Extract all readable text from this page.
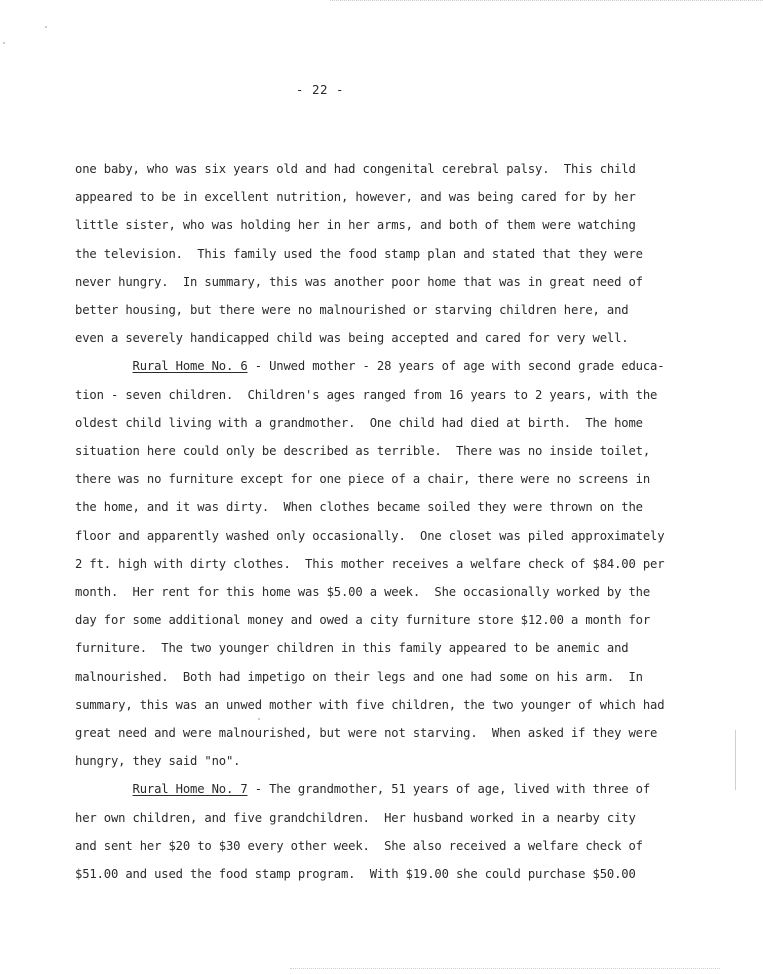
- 22 -
one baby, who was six years old and had congenital cerebral palsy.  This child
appeared to be in excellent nutrition, however, and was being cared for by her
little sister, who was holding her in her arms, and both of them were watching
the television.  This family used the food stamp plan and stated that they were
never hungry.  In summary, this was another poor home that was in great need of
better housing, but there were no malnourished or starving children here, and
even a severely handicapped child was being accepted and cared for very well.
Rural Home No. 6 - Unwed mother - 28 years of age with second grade educa-
tion - seven children.  Children's ages ranged from 16 years to 2 years, with the
oldest child living with a grandmother.  One child had died at birth.  The home
situation here could only be described as terrible.  There was no inside toilet,
there was no furniture except for one piece of a chair, there were no screens in
the home, and it was dirty.  When clothes became soiled they were thrown on the
floor and apparently washed only occasionally.  One closet was piled approximately
2 ft. high with dirty clothes.  This mother receives a welfare check of $84.00 per
month.  Her rent for this home was $5.00 a week.  She occasionally worked by the
day for some additional money and owed a city furniture store $12.00 a month for
furniture.  The two younger children in this family appeared to be anemic and
malnourished.  Both had impetigo on their legs and one had some on his arm.  In
summary, this was an unwed mother with five children, the two younger of which had
great need and were malnourished, but were not starving.  When asked if they were
hungry, they said "no".
Rural Home No. 7 - The grandmother, 51 years of age, lived with three of
her own children, and five grandchildren.  Her husband worked in a nearby city
and sent her $20 to $30 every other week.  She also received a welfare check of
$51.00 and used the food stamp program.  With $19.00 she could purchase $50.00
